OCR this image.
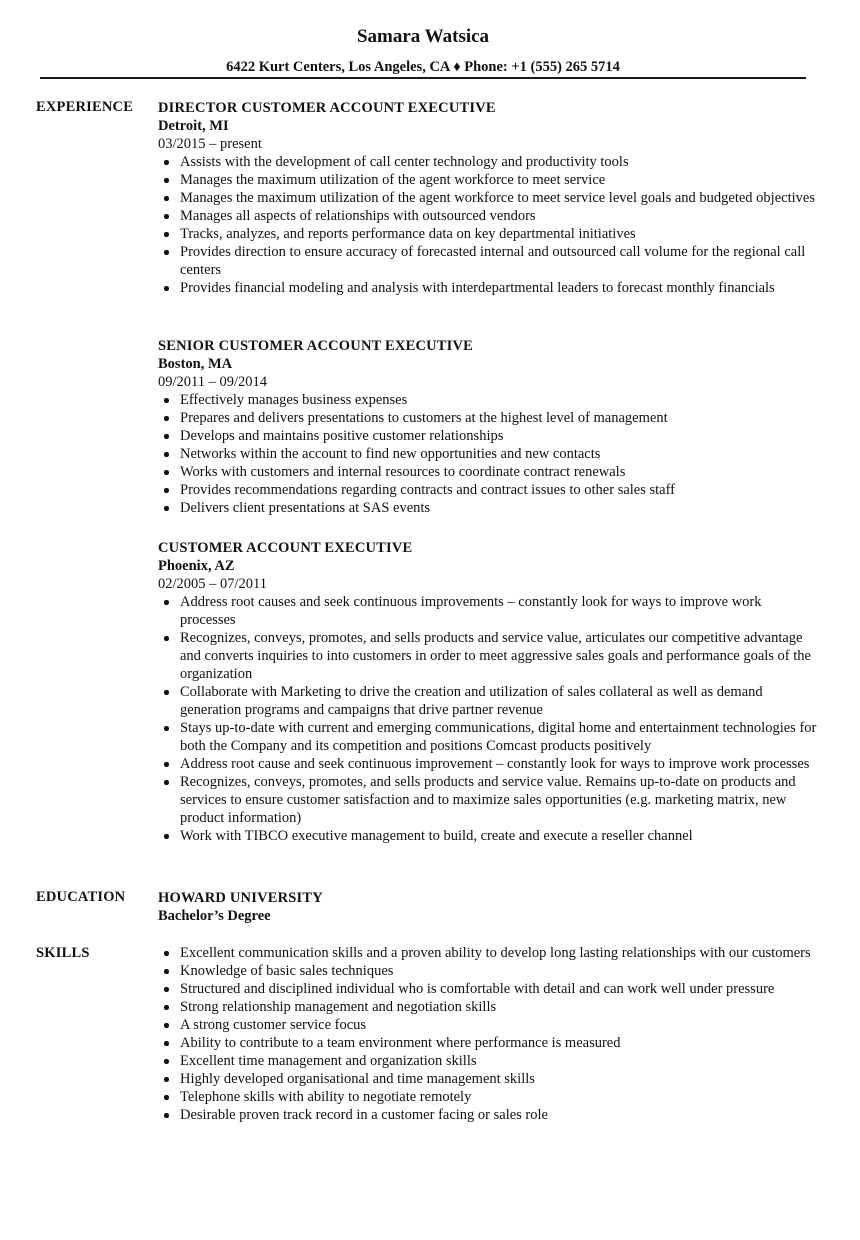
Samara Watsica
6422 Kurt Centers, Los Angeles, CA ♦ Phone: +1 (555) 265 5714
EXPERIENCE DIRECTOR CUSTOMER ACCOUNT EXECUTIVE
Detroit, MI
03/2015 – present
Assists with the development of call center technology and productivity tools
Manages the maximum utilization of the agent workforce to meet service
Manages the maximum utilization of the agent workforce to meet service level goals and budgeted objectives
Manages all aspects of relationships with outsourced vendors
Tracks, analyzes, and reports performance data on key departmental initiatives
Provides direction to ensure accuracy of forecasted internal and outsourced call volume for the regional call centers
Provides financial modeling and analysis with interdepartmental leaders to forecast monthly financials
SENIOR CUSTOMER ACCOUNT EXECUTIVE
Boston, MA
09/2011 – 09/2014
Effectively manages business expenses
Prepares and delivers presentations to customers at the highest level of management
Develops and maintains positive customer relationships
Networks within the account to find new opportunities and new contacts
Works with customers and internal resources to coordinate contract renewals
Provides recommendations regarding contracts and contract issues to other sales staff
Delivers client presentations at SAS events
CUSTOMER ACCOUNT EXECUTIVE
Phoenix, AZ
02/2005 – 07/2011
Address root causes and seek continuous improvements – constantly look for ways to improve work processes
Recognizes, conveys, promotes, and sells products and service value, articulates our competitive advantage and converts inquiries to into customers in order to meet aggressive sales goals and performance goals of the organization
Collaborate with Marketing to drive the creation and utilization of sales collateral as well as demand generation programs and campaigns that drive partner revenue
Stays up-to-date with current and emerging communications, digital home and entertainment technologies for both the Company and its competition and positions Comcast products positively
Address root cause and seek continuous improvement – constantly look for ways to improve work processes
Recognizes, conveys, promotes, and sells products and service value. Remains up-to-date on products and services to ensure customer satisfaction and to maximize sales opportunities (e.g. marketing matrix, new product information)
Work with TIBCO executive management to build, create and execute a reseller channel
EDUCATION HOWARD UNIVERSITY
Bachelor’s Degree
SKILLS	Excellent communication skills and a proven ability to develop long lasting relationships with our customers
Knowledge of basic sales techniques
Structured and disciplined individual who is comfortable with detail and can work well under pressure
Strong relationship management and negotiation skills
A strong customer service focus
Ability to contribute to a team environment where performance is measured
Excellent time management and organization skills
Highly developed organisational and time management skills
Telephone skills with ability to negotiate remotely
Desirable proven track record in a customer facing or sales role
